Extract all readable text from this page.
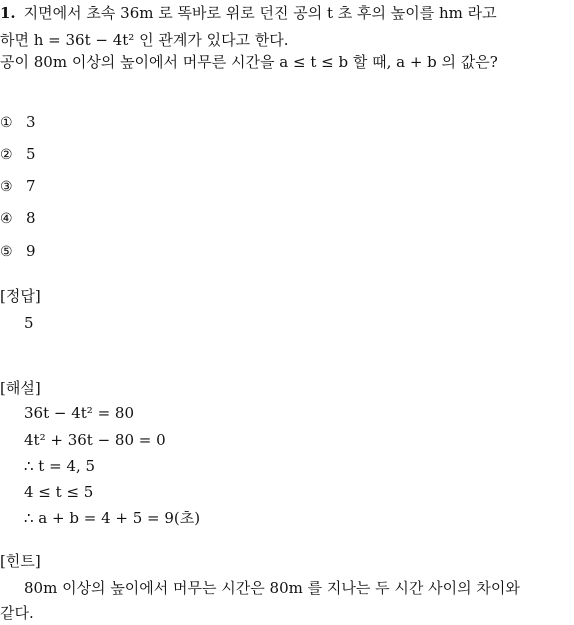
1. 지면에서 초속 36m 로 똑바로 위로 던진 공의 t 초 후의 높이를 hm 라고
하면 h = 36t − 4t² 인 관계가 있다고 한다.
공이 80m 이상의 높이에서 머무른 시간을 a ≤ t ≤ b 할 때, a + b 의 값은?
① 3
② 5
③ 7
④ 8
⑤ 9
[정답]
5
[해설]
36t − 4t² = 80
4t² + 36t − 80 = 0
∴ t = 4, 5
4 ≤ t ≤ 5
∴ a + b = 4 + 5 = 9(초)
[힌트]
80m 이상의 높이에서 머무는 시간은 80m 를 지나는 두 시간 사이의 차이와
같다.
